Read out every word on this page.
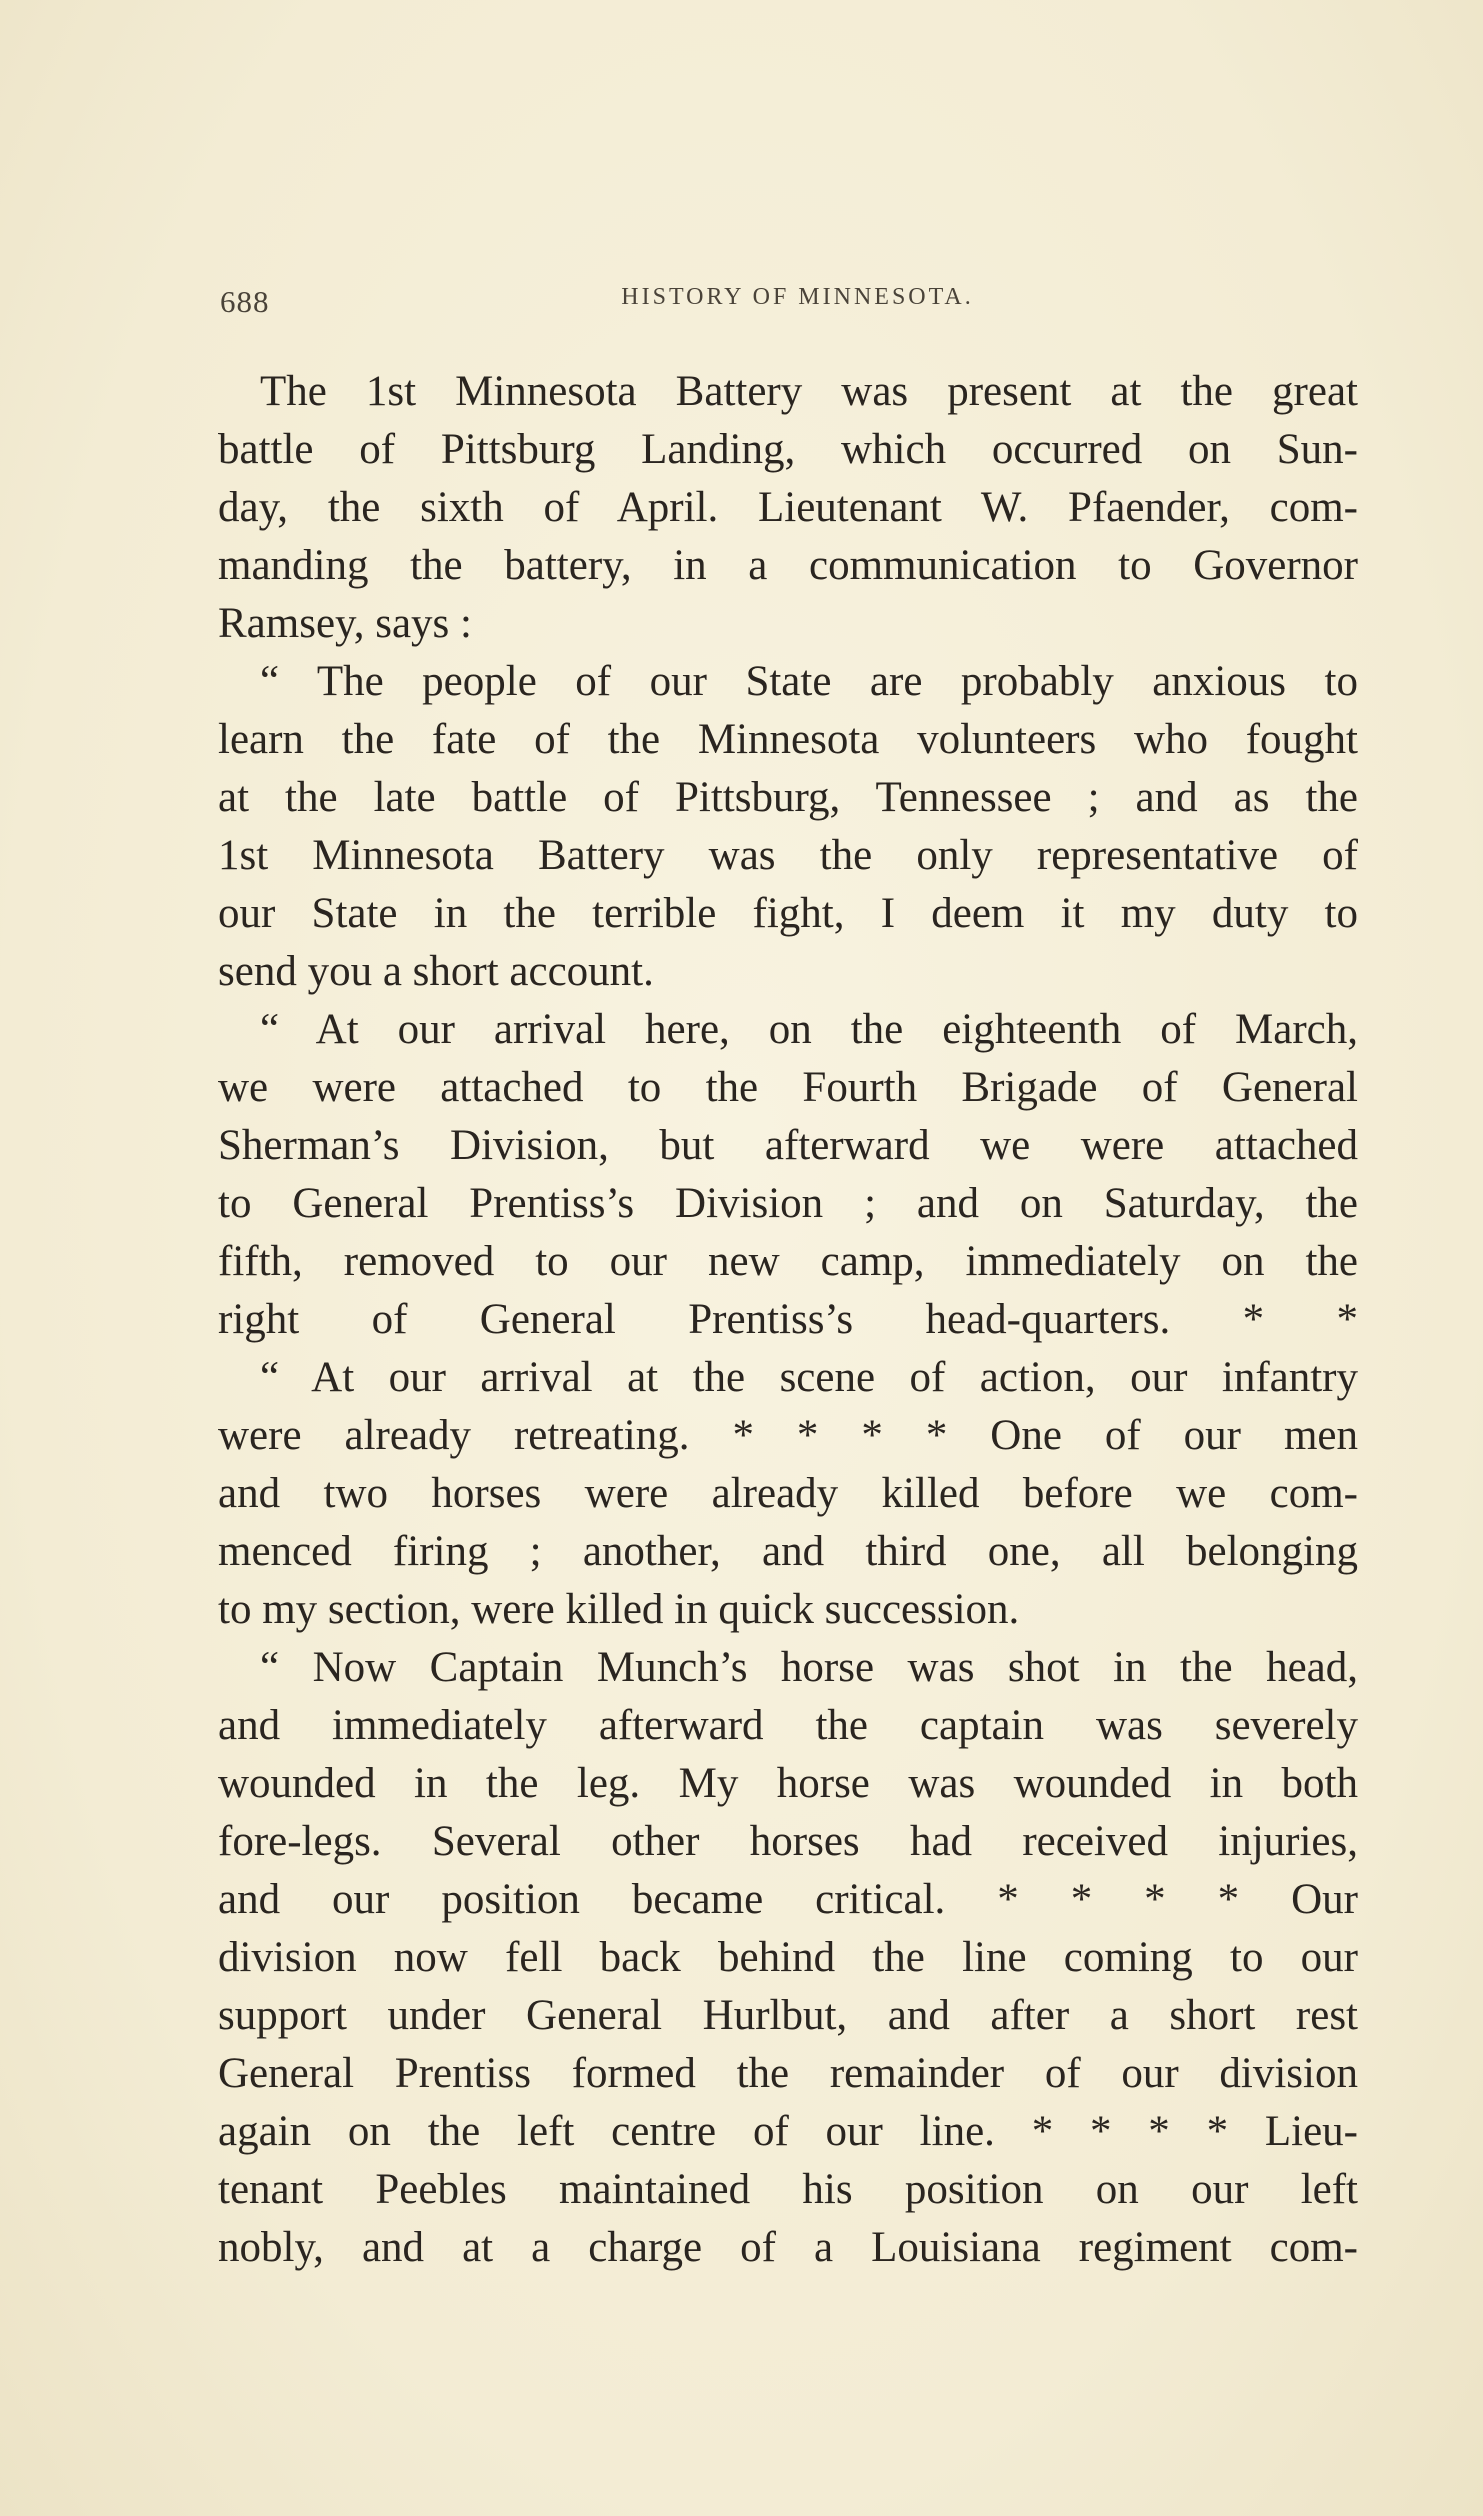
688	HISTORY OF MINNESOTA.
The 1st Minnesota Battery was present at the great
battle of Pittsburg Landing, which occurred on Sun-
day, the sixth of April. Lieutenant W. Pfaender, com-
manding the battery, in a communication to Governor
Ramsey, says :
“ The people of our State are probably anxious to
learn the fate of the Minnesota volunteers who fought
at the late battle of Pittsburg, Tennessee ; and as the
1st Minnesota Battery was the only representative of
our State in the terrible fight, I deem it my duty to
send you a short account.
“ At our arrival here, on the eighteenth of March,
we were attached to the Fourth Brigade of General
Sherman’s Division, but afterward we were attached
to General Prentiss’s Division ; and on Saturday, the
fifth, removed to our new camp, immediately on the
right of General Prentiss’s head-quarters. * *
“ At our arrival at the scene of action, our infantry
were already retreating. * * * * One of our men
and two horses were already killed before we com-
menced firing ; another, and third one, all belonging
to my section, were killed in quick succession.
“ Now Captain Munch’s horse was shot in the head,
and immediately afterward the captain was severely
wounded in the leg. My horse was wounded in both
fore-legs. Several other horses had received injuries,
and our position became critical. * * * * Our
division now fell back behind the line coming to our
support under General Hurlbut, and after a short rest
General Prentiss formed the remainder of our division
again on the left centre of our line. * * * * Lieu-
tenant Peebles maintained his position on our left
nobly, and at a charge of a Louisiana regiment com-
